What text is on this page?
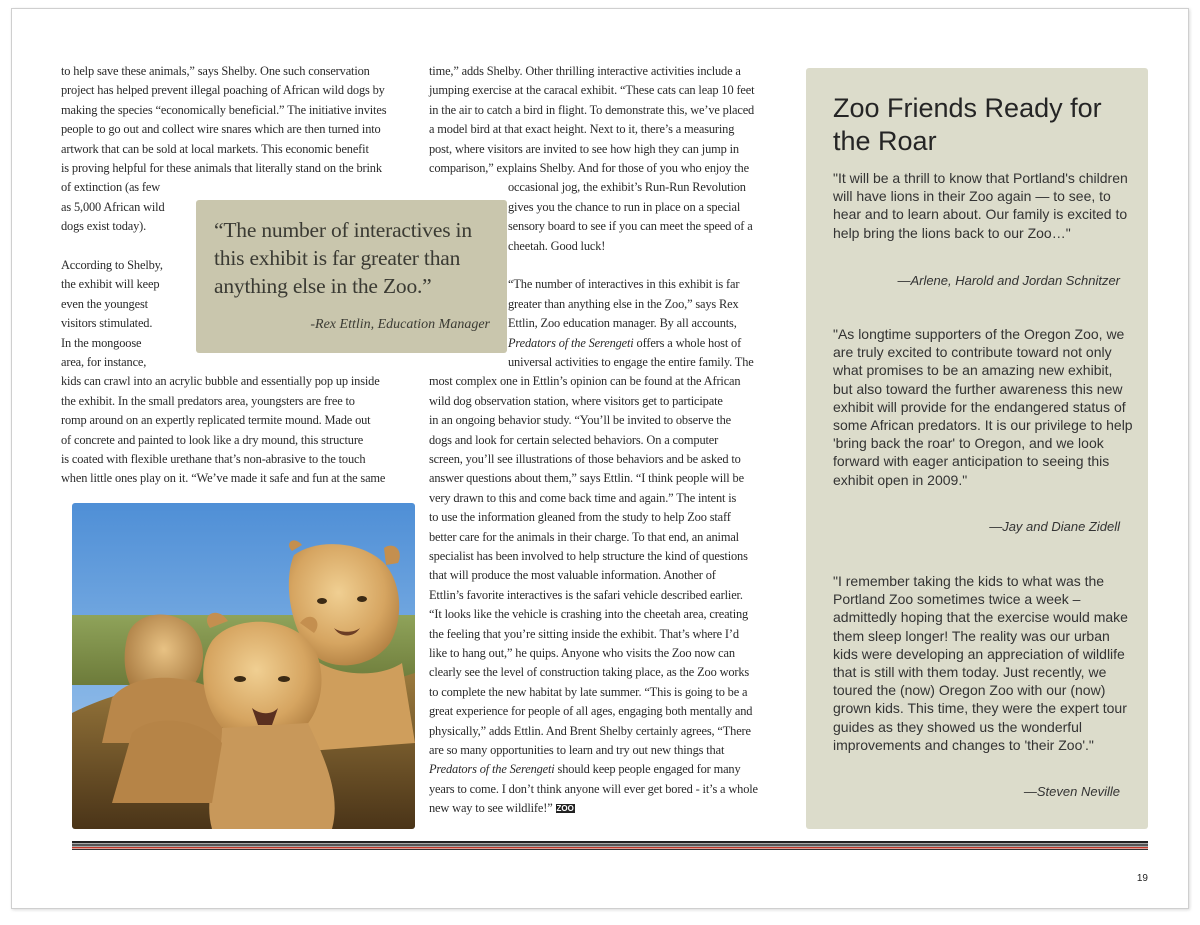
to help save these animals,” says Shelby. One such conservation
project has helped prevent illegal poaching of African wild dogs by
making the species “economically beneficial.” The initiative invites
people to go out and collect wire snares which are then turned into
artwork that can be sold at local markets. This economic benefit
is proving helpful for these animals that literally stand on the brink
of extinction (as few
as 5,000 African wild
dogs exist today).
According to Shelby,
the exhibit will keep
even the youngest
visitors stimulated.
In the mongoose
area, for instance,
kids can crawl into an acrylic bubble and essentially pop up inside
the exhibit. In the small predators area, youngsters are free to
romp around on an expertly replicated termite mound. Made out
of concrete and painted to look like a dry mound, this structure
is coated with flexible urethane that’s non-abrasive to the touch
when little ones play on it. “We’ve made it safe and fun at the same
time,” adds Shelby. Other thrilling interactive activities include a
jumping exercise at the caracal exhibit. “These cats can leap 10 feet
in the air to catch a bird in flight. To demonstrate this, we’ve placed
a model bird at that exact height. Next to it, there’s a measuring
post, where visitors are invited to see how high they can jump in
comparison,” explains Shelby. And for those of you who enjoy the
occasional jog, the exhibit’s Run-Run Revolution
gives you the chance to run in place on a special
sensory board to see if you can meet the speed of a
cheetah. Good luck!
“The number of interactives in this exhibit is far
greater than anything else in the Zoo,” says Rex
Ettlin, Zoo education manager. By all accounts,
Predators of the Serengeti offers a whole host of
universal activities to engage the entire family. The
most complex one in Ettlin’s opinion can be found at the African
wild dog observation station, where visitors get to participate
in an ongoing behavior study. “You’ll be invited to observe the
dogs and look for certain selected behaviors. On a computer
screen, you’ll see illustrations of those behaviors and be asked to
answer questions about them,” says Ettlin. “I think people will be
very drawn to this and come back time and again.” The intent is
to use the information gleaned from the study to help Zoo staff
better care for the animals in their charge. To that end, an animal
specialist has been involved to help structure the kind of questions
that will produce the most valuable information. Another of
Ettlin’s favorite interactives is the safari vehicle described earlier.
“It looks like the vehicle is crashing into the cheetah area, creating
the feeling that you’re sitting inside the exhibit. That’s where I’d
like to hang out,” he quips. Anyone who visits the Zoo now can
clearly see the level of construction taking place, as the Zoo works
to complete the new habitat by late summer. “This is going to be a
great experience for people of all ages, engaging both mentally and
physically,” adds Ettlin. And Brent Shelby certainly agrees, “There
are so many opportunities to learn and try out new things that
Predators of the Serengeti should keep people engaged for many
years to come. I don’t think anyone will ever get bored - it’s a whole
new way to see wildlife!” ZOO
“The number of interactives in this exhibit is far greater than anything else in the Zoo.”
-Rex Ettlin, Education Manager
Zoo Friends Ready for the Roar
"It will be a thrill to know that Portland's children will have lions in their Zoo again — to see, to hear and to learn about. Our family is excited to help bring the lions back to our Zoo…"
—Arlene, Harold and Jordan Schnitzer
"As longtime supporters of the Oregon Zoo, we are truly excited to contribute toward not only what promises to be an amazing new exhibit, but also toward the further awareness this new exhibit will provide for the endangered status of some African predators. It is our privilege to help 'bring back the roar' to Oregon, and we look forward with eager anticipation to seeing this exhibit open in 2009."
—Jay and Diane Zidell
"I remember taking the kids to what was the Portland Zoo sometimes twice a week – admittedly hoping that the exercise would make them sleep longer! The reality was our urban kids were developing an appreciation of wildlife that is still with them today. Just recently, we toured the (now) Oregon Zoo with our (now) grown kids. This time, they were the expert tour guides as they showed us the wonderful improvements and changes to 'their Zoo'."
—Steven Neville
19
